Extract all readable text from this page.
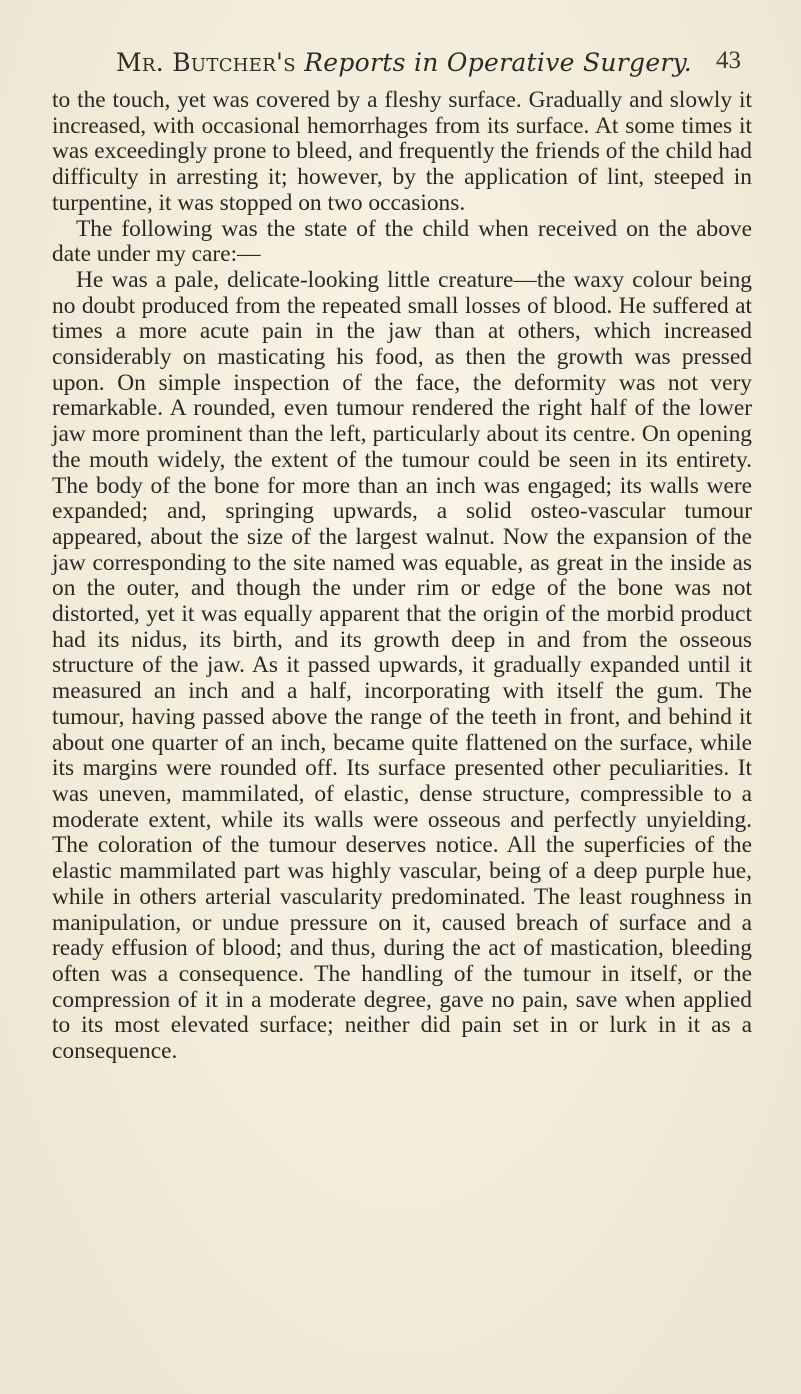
Mr. Butcher's Reports in Operative Surgery. 43

to the touch, yet was covered by a fleshy surface. Gradually and slowly it increased, with occasional hemorrhages from its surface. At some times it was exceedingly prone to bleed, and frequently the friends of the child had difficulty in arresting it; however, by the application of lint, steeped in turpentine, it was stopped on two occasions.

The following was the state of the child when received on the above date under my care:—

He was a pale, delicate-looking little creature—the waxy colour being no doubt produced from the repeated small losses of blood. He suffered at times a more acute pain in the jaw than at others, which increased considerably on masticating his food, as then the growth was pressed upon. On simple inspection of the face, the deformity was not very remarkable. A rounded, even tumour rendered the right half of the lower jaw more prominent than the left, particularly about its centre. On opening the mouth widely, the extent of the tumour could be seen in its entirety. The body of the bone for more than an inch was engaged; its walls were expanded; and, springing upwards, a solid osteo-vascular tumour appeared, about the size of the largest walnut. Now the expansion of the jaw corresponding to the site named was equable, as great in the inside as on the outer, and though the under rim or edge of the bone was not distorted, yet it was equally apparent that the origin of the morbid product had its nidus, its birth, and its growth deep in and from the osseous structure of the jaw. As it passed upwards, it gradually expanded until it measured an inch and a half, incorporating with itself the gum. The tumour, having passed above the range of the teeth in front, and behind it about one quarter of an inch, became quite flattened on the surface, while its margins were rounded off. Its surface presented other peculiarities. It was uneven, mammilated, of elastic, dense structure, compressible to a moderate extent, while its walls were osseous and perfectly unyielding. The coloration of the tumour deserves notice. All the superficies of the elastic mammilated part was highly vascular, being of a deep purple hue, while in others arterial vascularity predominated. The least roughness in manipulation, or undue pressure on it, caused breach of surface and a ready effusion of blood; and thus, during the act of mastication, bleeding often was a consequence. The handling of the tumour in itself, or the compression of it in a moderate degree, gave no pain, save when applied to its most elevated surface; neither did pain set in or lurk in it as a consequence.
